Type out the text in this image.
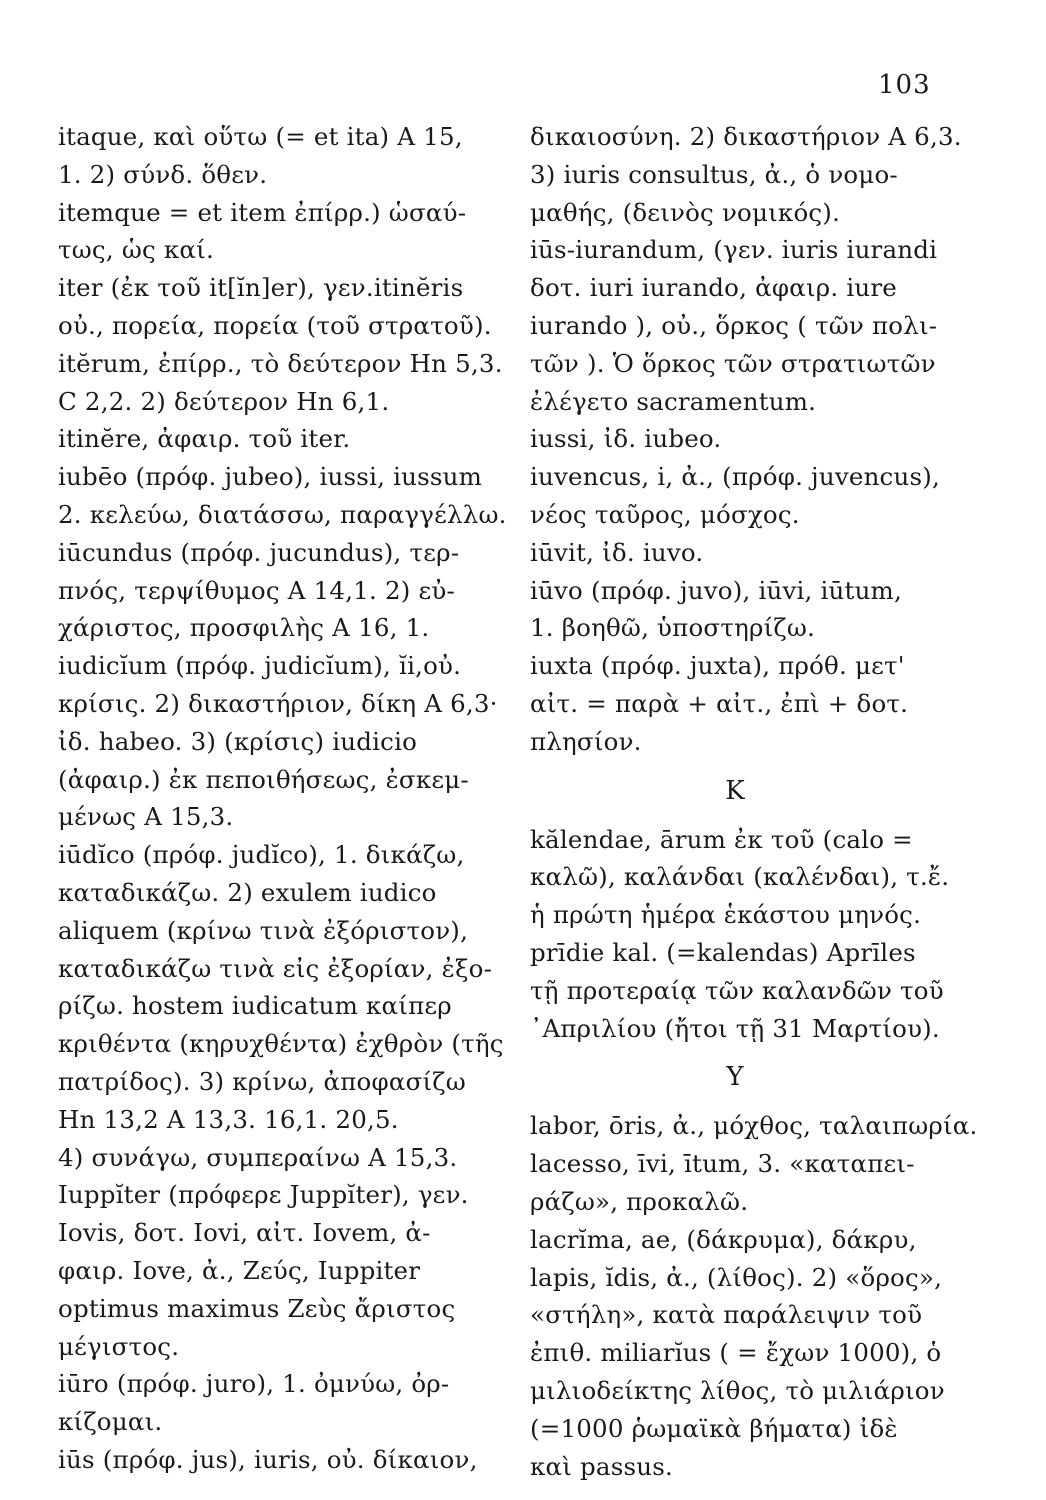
103
itaque, καὶ οὕτω (= et ita) A 15,
1. 2) σύνδ. ὅθεν.
itemque = et item ἐπίρρ.) ὡσαύ-
τως, ὡς καί.
iter (ἐκ τοῦ it[ĭn]er), γεν.itinĕris
οὐ., πορεία, πορεία (τοῦ στρατοῦ).
itĕrum, ἐπίρρ., τὸ δεύτερον Hn 5,3.
C 2,2. 2) δεύτερον Hn 6,1.
itinĕre, ἀφαιρ. τοῦ iter.
iubēo (πρόφ. jubeo), iussi, iussum
2. κελεύω, διατάσσω, παραγγέλλω.
iūcundus (πρόφ. jucundus), τερ-
πνός, τερψίθυμος A 14,1. 2) εὐ-
χάριστος, προσφιλὴς A 16, 1.
iudicĭum (πρόφ. judicĭum), ĭi,οὐ.
κρίσις. 2) δικαστήριον, δίκη A 6,3·
ἰδ. habeo. 3) (κρίσις) iudicio
(ἀφαιρ.) ἐκ πεποιθήσεως, ἐσκεμ-
μένως A 15,3.
iūdĭco (πρόφ. judĭco), 1. δικάζω,
καταδικάζω. 2) exulem iudico
aliquem (κρίνω τινὰ ἐξόριστον),
καταδικάζω τινὰ εἰς ἐξορίαν, ἐξο-
ρίζω. hostem iudicatum καίπερ
κριθέντα (κηρυχθέντα) ἐχθρὸν (τῆς
πατρίδος). 3) κρίνω, ἀποφασίζω
Hn 13,2 A 13,3. 16,1. 20,5.
4) συνάγω, συμπεραίνω A 15,3.
Iuppĭter (πρόφερε Juppĭter), γεν.
Iovis, δοτ. Iovi, αἰτ. Iovem, ἀ-
φαιρ. Iove, ἀ., Ζεύς, Iuppiter
optimus maximus Ζεὺς ἄριστος
μέγιστος.
iūro (πρόφ. juro), 1. ὀμνύω, ὀρ-
κίζομαι.
iūs (πρόφ. jus), iuris, οὐ. δίκαιον,
δικαιοσύνη. 2) δικαστήριον A 6,3.
3) iuris consultus, ἀ., ὁ νομο-
μαθής, (δεινὸς νομικός).
iūs-iurandum, (γεν. iuris iurandi
δοτ. iuri iurando, ἀφαιρ. iure
iurando ), οὐ., ὅρκος ( τῶν πολι-
τῶν ). Ὁ ὅρκος τῶν στρατιωτῶν
ἐλέγετο sacramentum.
iussi, ἰδ. iubeo.
iuvencus, i, ἀ., (πρόφ. juvencus),
νέος ταῦρος, μόσχος.
iūvit, ἰδ. iuvo.
iūvo (πρόφ. juvo), iūvi, iūtum,
1. βοηθῶ, ὑποστηρίζω.
iuxta (πρόφ. juxta), πρόθ. μετ'
αἰτ. = παρὰ + αἰτ., ἐπὶ + δοτ.
πλησίον.
K
kălendae, ārum ἐκ τοῦ (calo =
καλῶ), καλάνδαι (καλένδαι), τ.ἔ.
ἡ πρώτη ἡμέρα ἑκάστου μηνός.
prīdie kal. (=kalendas) Aprīles
τῇ προτεραίᾳ τῶν καλανδῶν τοῦ
᾿Απριλίου (ἤτοι τῇ 31 Μαρτίου).
Υ
labor, ōris, ἀ., μόχθος, ταλαιπωρία.
lacesso, īvi, ītum, 3. «καταπει-
ράζω», προκαλῶ.
lacrĭma, ae, (δάκρυμα), δάκρυ,
lapis, ĭdis, ἀ., (λίθος). 2) «ὅρος»,
«στήλη», κατὰ παράλειψιν τοῦ
ἐπιθ. miliarĭus ( = ἔχων 1000), ὁ
μιλιοδείκτης λίθος, τὸ μιλιάριον
(=1000 ῥωμαϊκὰ βήματα) ἰδὲ
καὶ passus.
